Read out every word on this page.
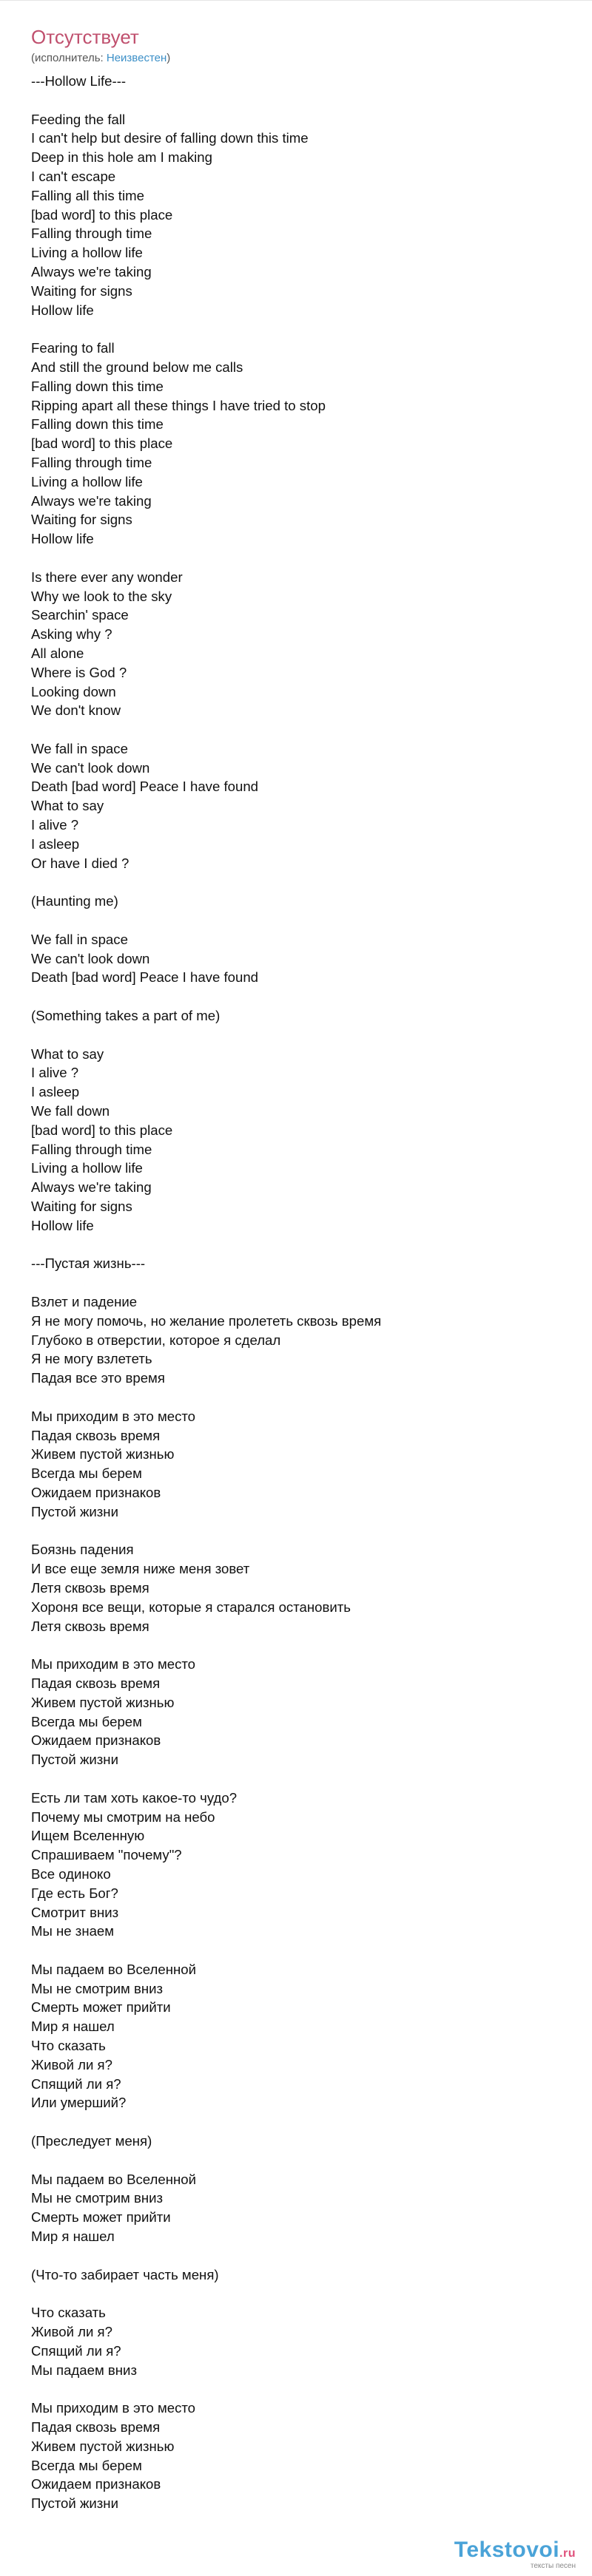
Отсутствует
(исполнитель: Неизвестен)
---Hollow Life---
Feeding the fall
I can't help but desire of falling down this time
Deep in this hole am I making
I can't escape
Falling all this time
[bad word] to this place
Falling through time
Living a hollow life
Always we're taking
Waiting for signs
Hollow life
Fearing to fall
And still the ground below me calls
Falling down this time
Ripping apart all these things I have tried to stop
Falling down this time
[bad word] to this place
Falling through time
Living a hollow life
Always we're taking
Waiting for signs
Hollow life
Is there ever any wonder
Why we look to the sky
Searchin' space
Asking why ?
All alone
Where is God ?
Looking down
We don't know
We fall in space
We can't look down
Death [bad word] Peace I have found
What to say
I alive ?
I asleep
Or have I died ?
(Haunting me)
We fall in space
We can't look down
Death [bad word] Peace I have found
(Something takes a part of me)
What to say
I alive ?
I asleep
We fall down
[bad word] to this place
Falling through time
Living a hollow life
Always we're taking
Waiting for signs
Hollow life
---Пустая жизнь---
Взлет и падение
Я не могу помочь, но желание пролететь сквозь время
Глубоко в отверстии, которое я сделал
Я не могу взлететь
Падая все это время
Мы приходим в это место
Падая сквозь время
Живем пустой жизнью
Всегда мы берем
Ожидаем признаков
Пустой жизни
Боязнь падения
И все еще земля ниже меня зовет
Летя сквозь время
Хороня все вещи, которые я старался остановить
Летя сквозь время
Мы приходим в это место
Падая сквозь время
Живем пустой жизнью
Всегда мы берем
Ожидаем признаков
Пустой жизни
Есть ли там хоть какое-то чудо?
Почему мы смотрим на небо
Ищем Вселенную
Спрашиваем "почему"?
Все одиноко
Где есть Бог?
Смотрит вниз
Мы не знаем
Мы падаем во Вселенной
Мы не смотрим вниз
Смерть может прийти
Мир я нашел
Что сказать
Живой ли я?
Спящий ли я?
Или умерший?
(Преследует меня)
Мы падаем во Вселенной
Мы не смотрим вниз
Смерть может прийти
Мир я нашел
(Что-то забирает часть меня)
Что сказать
Живой ли я?
Спящий ли я?
Мы падаем вниз
Мы приходим в это место
Падая сквозь время
Живем пустой жизнью
Всегда мы берем
Ожидаем признаков
Пустой жизни
Tekstovoi.ru
тексты песен
